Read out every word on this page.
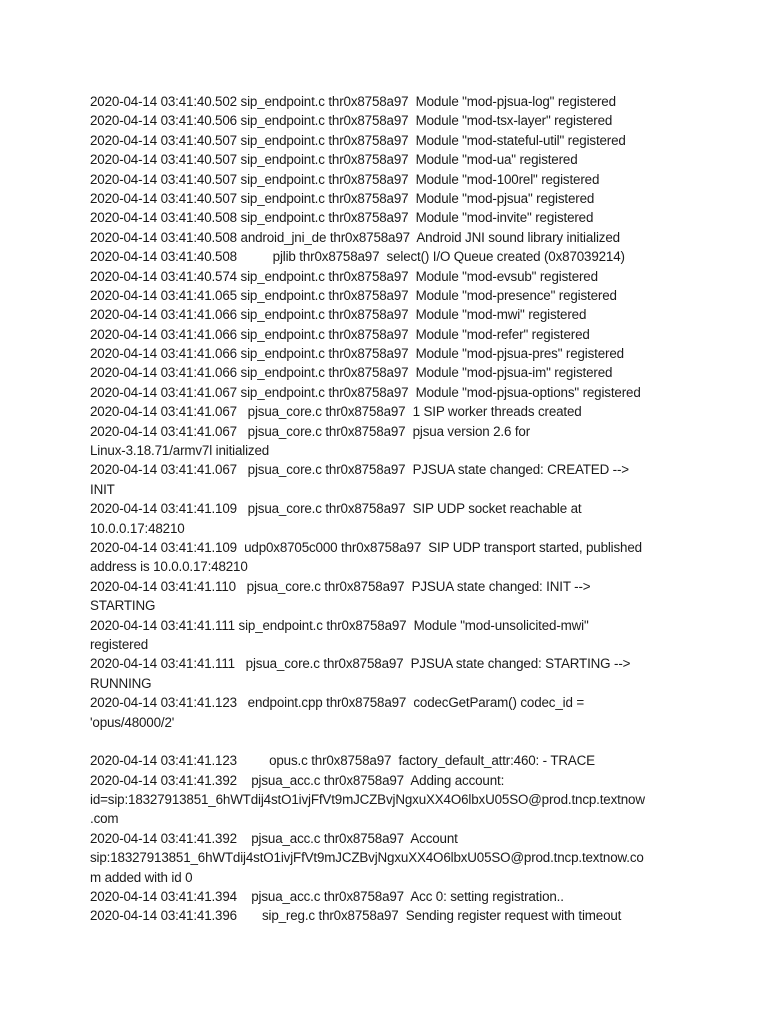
2020-04-14 03:41:40.502 sip_endpoint.c thr0x8758a97  Module "mod-pjsua-log" registered
2020-04-14 03:41:40.506 sip_endpoint.c thr0x8758a97  Module "mod-tsx-layer" registered
2020-04-14 03:41:40.507 sip_endpoint.c thr0x8758a97  Module "mod-stateful-util" registered
2020-04-14 03:41:40.507 sip_endpoint.c thr0x8758a97  Module "mod-ua" registered
2020-04-14 03:41:40.507 sip_endpoint.c thr0x8758a97  Module "mod-100rel" registered
2020-04-14 03:41:40.507 sip_endpoint.c thr0x8758a97  Module "mod-pjsua" registered
2020-04-14 03:41:40.508 sip_endpoint.c thr0x8758a97  Module "mod-invite" registered
2020-04-14 03:41:40.508 android_jni_de thr0x8758a97  Android JNI sound library initialized
2020-04-14 03:41:40.508          pjlib thr0x8758a97  select() I/O Queue created (0x87039214)
2020-04-14 03:41:40.574 sip_endpoint.c thr0x8758a97  Module "mod-evsub" registered
2020-04-14 03:41:41.065 sip_endpoint.c thr0x8758a97  Module "mod-presence" registered
2020-04-14 03:41:41.066 sip_endpoint.c thr0x8758a97  Module "mod-mwi" registered
2020-04-14 03:41:41.066 sip_endpoint.c thr0x8758a97  Module "mod-refer" registered
2020-04-14 03:41:41.066 sip_endpoint.c thr0x8758a97  Module "mod-pjsua-pres" registered
2020-04-14 03:41:41.066 sip_endpoint.c thr0x8758a97  Module "mod-pjsua-im" registered
2020-04-14 03:41:41.067 sip_endpoint.c thr0x8758a97  Module "mod-pjsua-options" registered
2020-04-14 03:41:41.067   pjsua_core.c thr0x8758a97  1 SIP worker threads created
2020-04-14 03:41:41.067   pjsua_core.c thr0x8758a97  pjsua version 2.6 for
Linux-3.18.71/armv7l initialized
2020-04-14 03:41:41.067   pjsua_core.c thr0x8758a97  PJSUA state changed: CREATED -->
INIT
2020-04-14 03:41:41.109   pjsua_core.c thr0x8758a97  SIP UDP socket reachable at
10.0.0.17:48210
2020-04-14 03:41:41.109  udp0x8705c000 thr0x8758a97  SIP UDP transport started, published
address is 10.0.0.17:48210
2020-04-14 03:41:41.110   pjsua_core.c thr0x8758a97  PJSUA state changed: INIT -->
STARTING
2020-04-14 03:41:41.111 sip_endpoint.c thr0x8758a97  Module "mod-unsolicited-mwi"
registered
2020-04-14 03:41:41.111   pjsua_core.c thr0x8758a97  PJSUA state changed: STARTING -->
RUNNING
2020-04-14 03:41:41.123   endpoint.cpp thr0x8758a97  codecGetParam() codec_id =
'opus/48000/2'
2020-04-14 03:41:41.123         opus.c thr0x8758a97  factory_default_attr:460: - TRACE
2020-04-14 03:41:41.392    pjsua_acc.c thr0x8758a97  Adding account:
id=sip:18327913851_6hWTdij4stO1ivjFfVt9mJCZBvjNgxuXX4O6lbxU05SO@prod.tncp.textnow
.com
2020-04-14 03:41:41.392    pjsua_acc.c thr0x8758a97  Account
sip:18327913851_6hWTdij4stO1ivjFfVt9mJCZBvjNgxuXX4O6lbxU05SO@prod.tncp.textnow.co
m added with id 0
2020-04-14 03:41:41.394    pjsua_acc.c thr0x8758a97  Acc 0: setting registration..
2020-04-14 03:41:41.396       sip_reg.c thr0x8758a97  Sending register request with timeout
